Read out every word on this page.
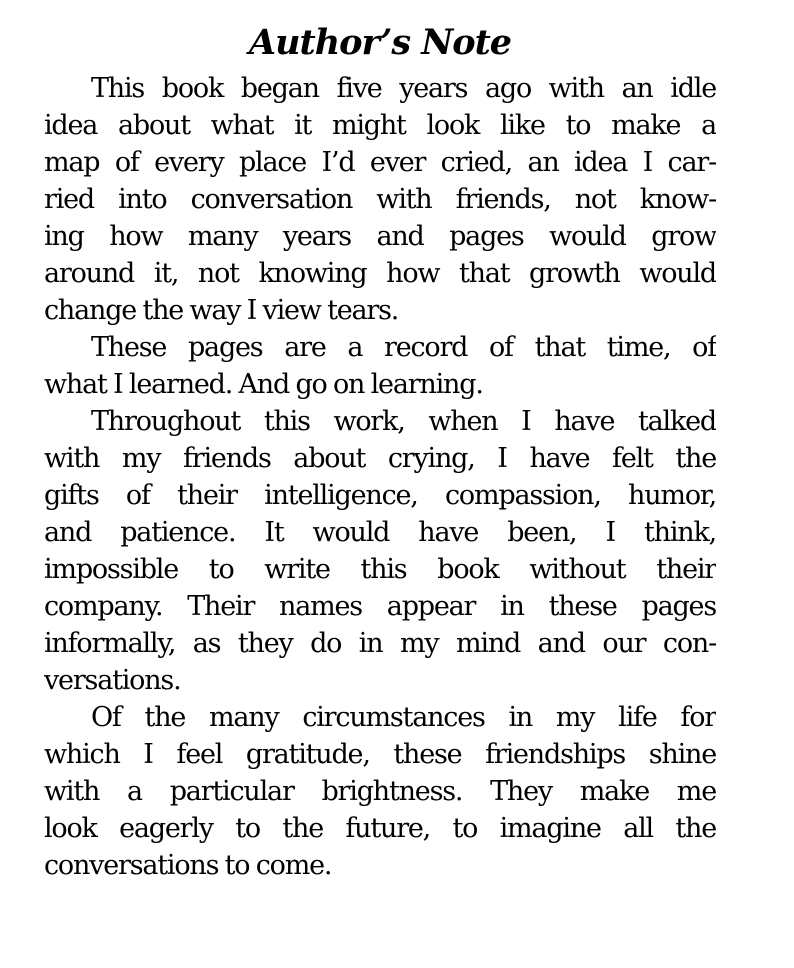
Author’s Note
This book began five years ago with an idle
idea about what it might look like to make a
map of every place I’d ever cried, an idea I car-
ried into conversation with friends, not know-
ing how many years and pages would grow
around it, not knowing how that growth would
change the way I view tears.
These pages are a record of that time, of
what I learned. And go on learning.
Throughout this work, when I have talked
with my friends about crying, I have felt the
gifts of their intelligence, compassion, humor,
and patience. It would have been, I think,
impossible to write this book without their
company. Their names appear in these pages
informally, as they do in my mind and our con-
versations.
Of the many circumstances in my life for
which I feel gratitude, these friendships shine
with a particular brightness. They make me
look eagerly to the future, to imagine all the
conversations to come.
